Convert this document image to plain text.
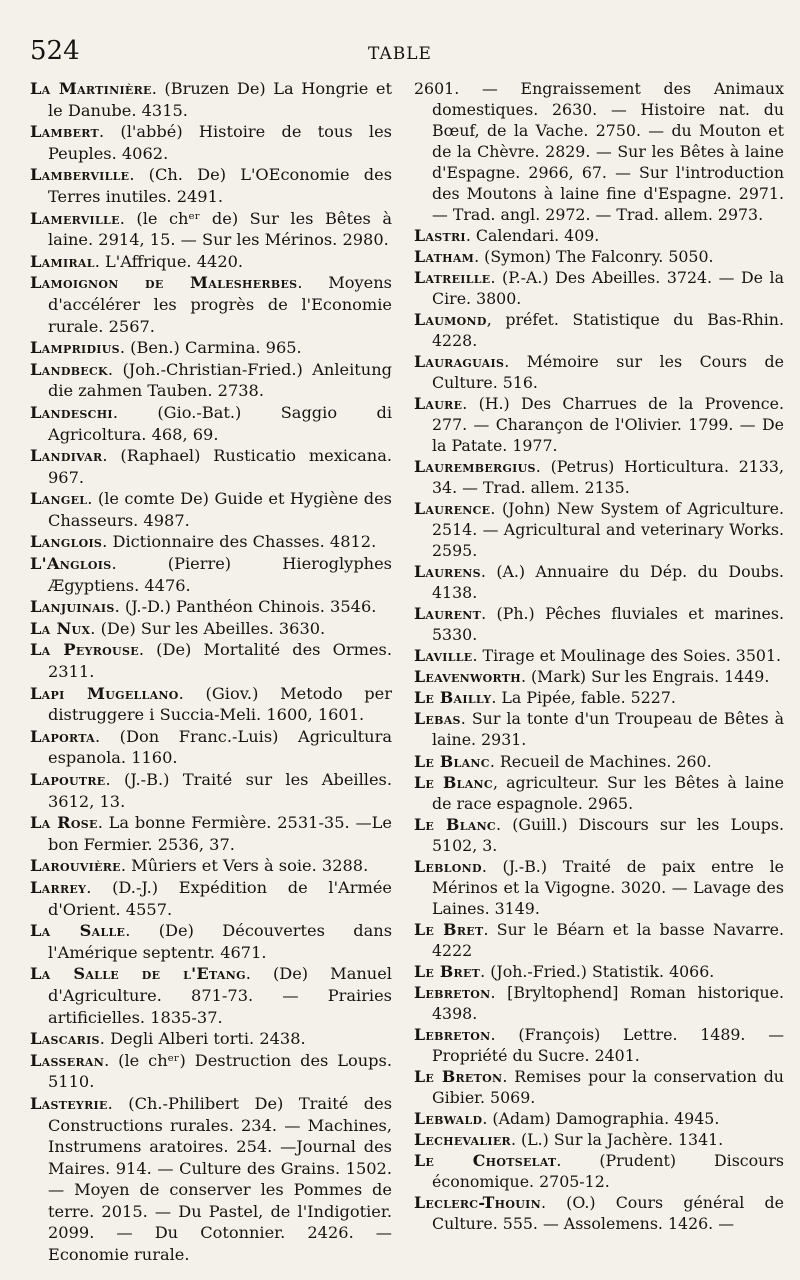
524	TABLE

La Martinière. (Bruzen De) La Hongrie et le Danube. 4315.

Lambert. (l'abbé) Histoire de tous les Peuples. 4062.

Lamberville. (Ch. De) L'OEconomie des Terres inutiles. 2491.

Lamerville. (le chᵉʳ de) Sur les Bêtes à laine. 2914, 15. — Sur les Mérinos. 2980.

Lamiral. L'Affrique. 4420.

Lamoignon de Malesherbes. Moyens d'accélérer les progrès de l'Economie rurale. 2567.

Lampridius. (Ben.) Carmina. 965.

Landbeck. (Joh.-Christian-Fried.) Anleitung die zahmen Tauben. 2738.

Landeschi. (Gio.-Bat.) Saggio di Agricoltura. 468, 69.

Landivar. (Raphael) Rusticatio mexicana. 967.

Langel. (le comte De) Guide et Hygiène des Chasseurs. 4987.

Langlois. Dictionnaire des Chasses. 4812.

L'Anglois. (Pierre) Hieroglyphes Ægyptiens. 4476.

Lanjuinais. (J.-D.) Panthéon Chinois. 3546.

La Nux. (De) Sur les Abeilles. 3630.

La Peyrouse. (De) Mortalité des Ormes. 2311.

Lapi Mugellano. (Giov.) Metodo per distruggere i Succia-Meli. 1600, 1601.

Laporta. (Don Franc.-Luis) Agricultura espanola. 1160.

Lapoutre. (J.-B.) Traité sur les Abeilles. 3612, 13.

La Rose. La bonne Fermière. 2531-35. —Le bon Fermier. 2536, 37.

Larouvière. Mûriers et Vers à soie. 3288.

Larrey. (D.-J.) Expédition de l'Armée d'Orient. 4557.

La Salle. (De) Découvertes dans l'Amérique septentr. 4671.

La Salle de l'Etang. (De) Manuel d'Agriculture. 871-73. — Prairies artificielles. 1835-37.

Lascaris. Degli Alberi torti. 2438.

Lasseran. (le chᵉʳ) Destruction des Loups. 5110.

Lasteyrie. (Ch.-Philibert De) Traité des Constructions rurales. 234. — Machines, Instrumens aratoires. 254. —Journal des Maires. 914. — Culture des Grains. 1502. — Moyen de conserver les Pommes de terre. 2015. — Du Pastel, de l'Indigotier. 2099. — Du Cotonnier. 2426. — Economie rurale.

2601. — Engraissement des Animaux domestiques. 2630. — Histoire nat. du Bœuf, de la Vache. 2750. — du Mouton et de la Chèvre. 2829. — Sur les Bêtes à laine d'Espagne. 2966, 67. — Sur l'introduction des Moutons à laine fine d'Espagne. 2971. — Trad. angl. 2972. — Trad. allem. 2973.

Lastri. Calendari. 409.

Latham. (Symon) The Falconry. 5050.

Latreille. (P.-A.) Des Abeilles. 3724. — De la Cire. 3800.

Laumond, préfet. Statistique du Bas-Rhin. 4228.

Lauraguais. Mémoire sur les Cours de Culture. 516.

Laure. (H.) Des Charrues de la Provence. 277. — Charançon de l'Olivier. 1799. — De la Patate. 1977.

Laurembergius. (Petrus) Horticultura. 2133, 34. — Trad. allem. 2135.

Laurence. (John) New System of Agriculture. 2514. — Agricultural and veterinary Works. 2595.

Laurens. (A.) Annuaire du Dép. du Doubs. 4138.

Laurent. (Ph.) Pêches fluviales et marines. 5330.

Laville. Tirage et Moulinage des Soies. 3501.

Leavenworth. (Mark) Sur les Engrais. 1449.

Le Bailly. La Pipée, fable. 5227.

Lebas. Sur la tonte d'un Troupeau de Bêtes à laine. 2931.

Le Blanc. Recueil de Machines. 260.

Le Blanc, agriculteur. Sur les Bêtes à laine de race espagnole. 2965.

Le Blanc. (Guill.) Discours sur les Loups. 5102, 3.

Leblond. (J.-B.) Traité de paix entre le Mérinos et la Vigogne. 3020. — Lavage des Laines. 3149.

Le Bret. Sur le Béarn et la basse Navarre. 4222

Le Bret. (Joh.-Fried.) Statistik. 4066.

Lebreton. [Bryltophend] Roman historique. 4398.

Lebreton. (François) Lettre. 1489. — Propriété du Sucre. 2401.

Le Breton. Remises pour la conservation du Gibier. 5069.

Lebwald. (Adam) Damographia. 4945.

Lechevalier. (L.) Sur la Jachère. 1341.

Le Chotselat. (Prudent) Discours économique. 2705-12.

Leclerc-Thouin. (O.) Cours général de Culture. 555. — Assolemens. 1426. —
